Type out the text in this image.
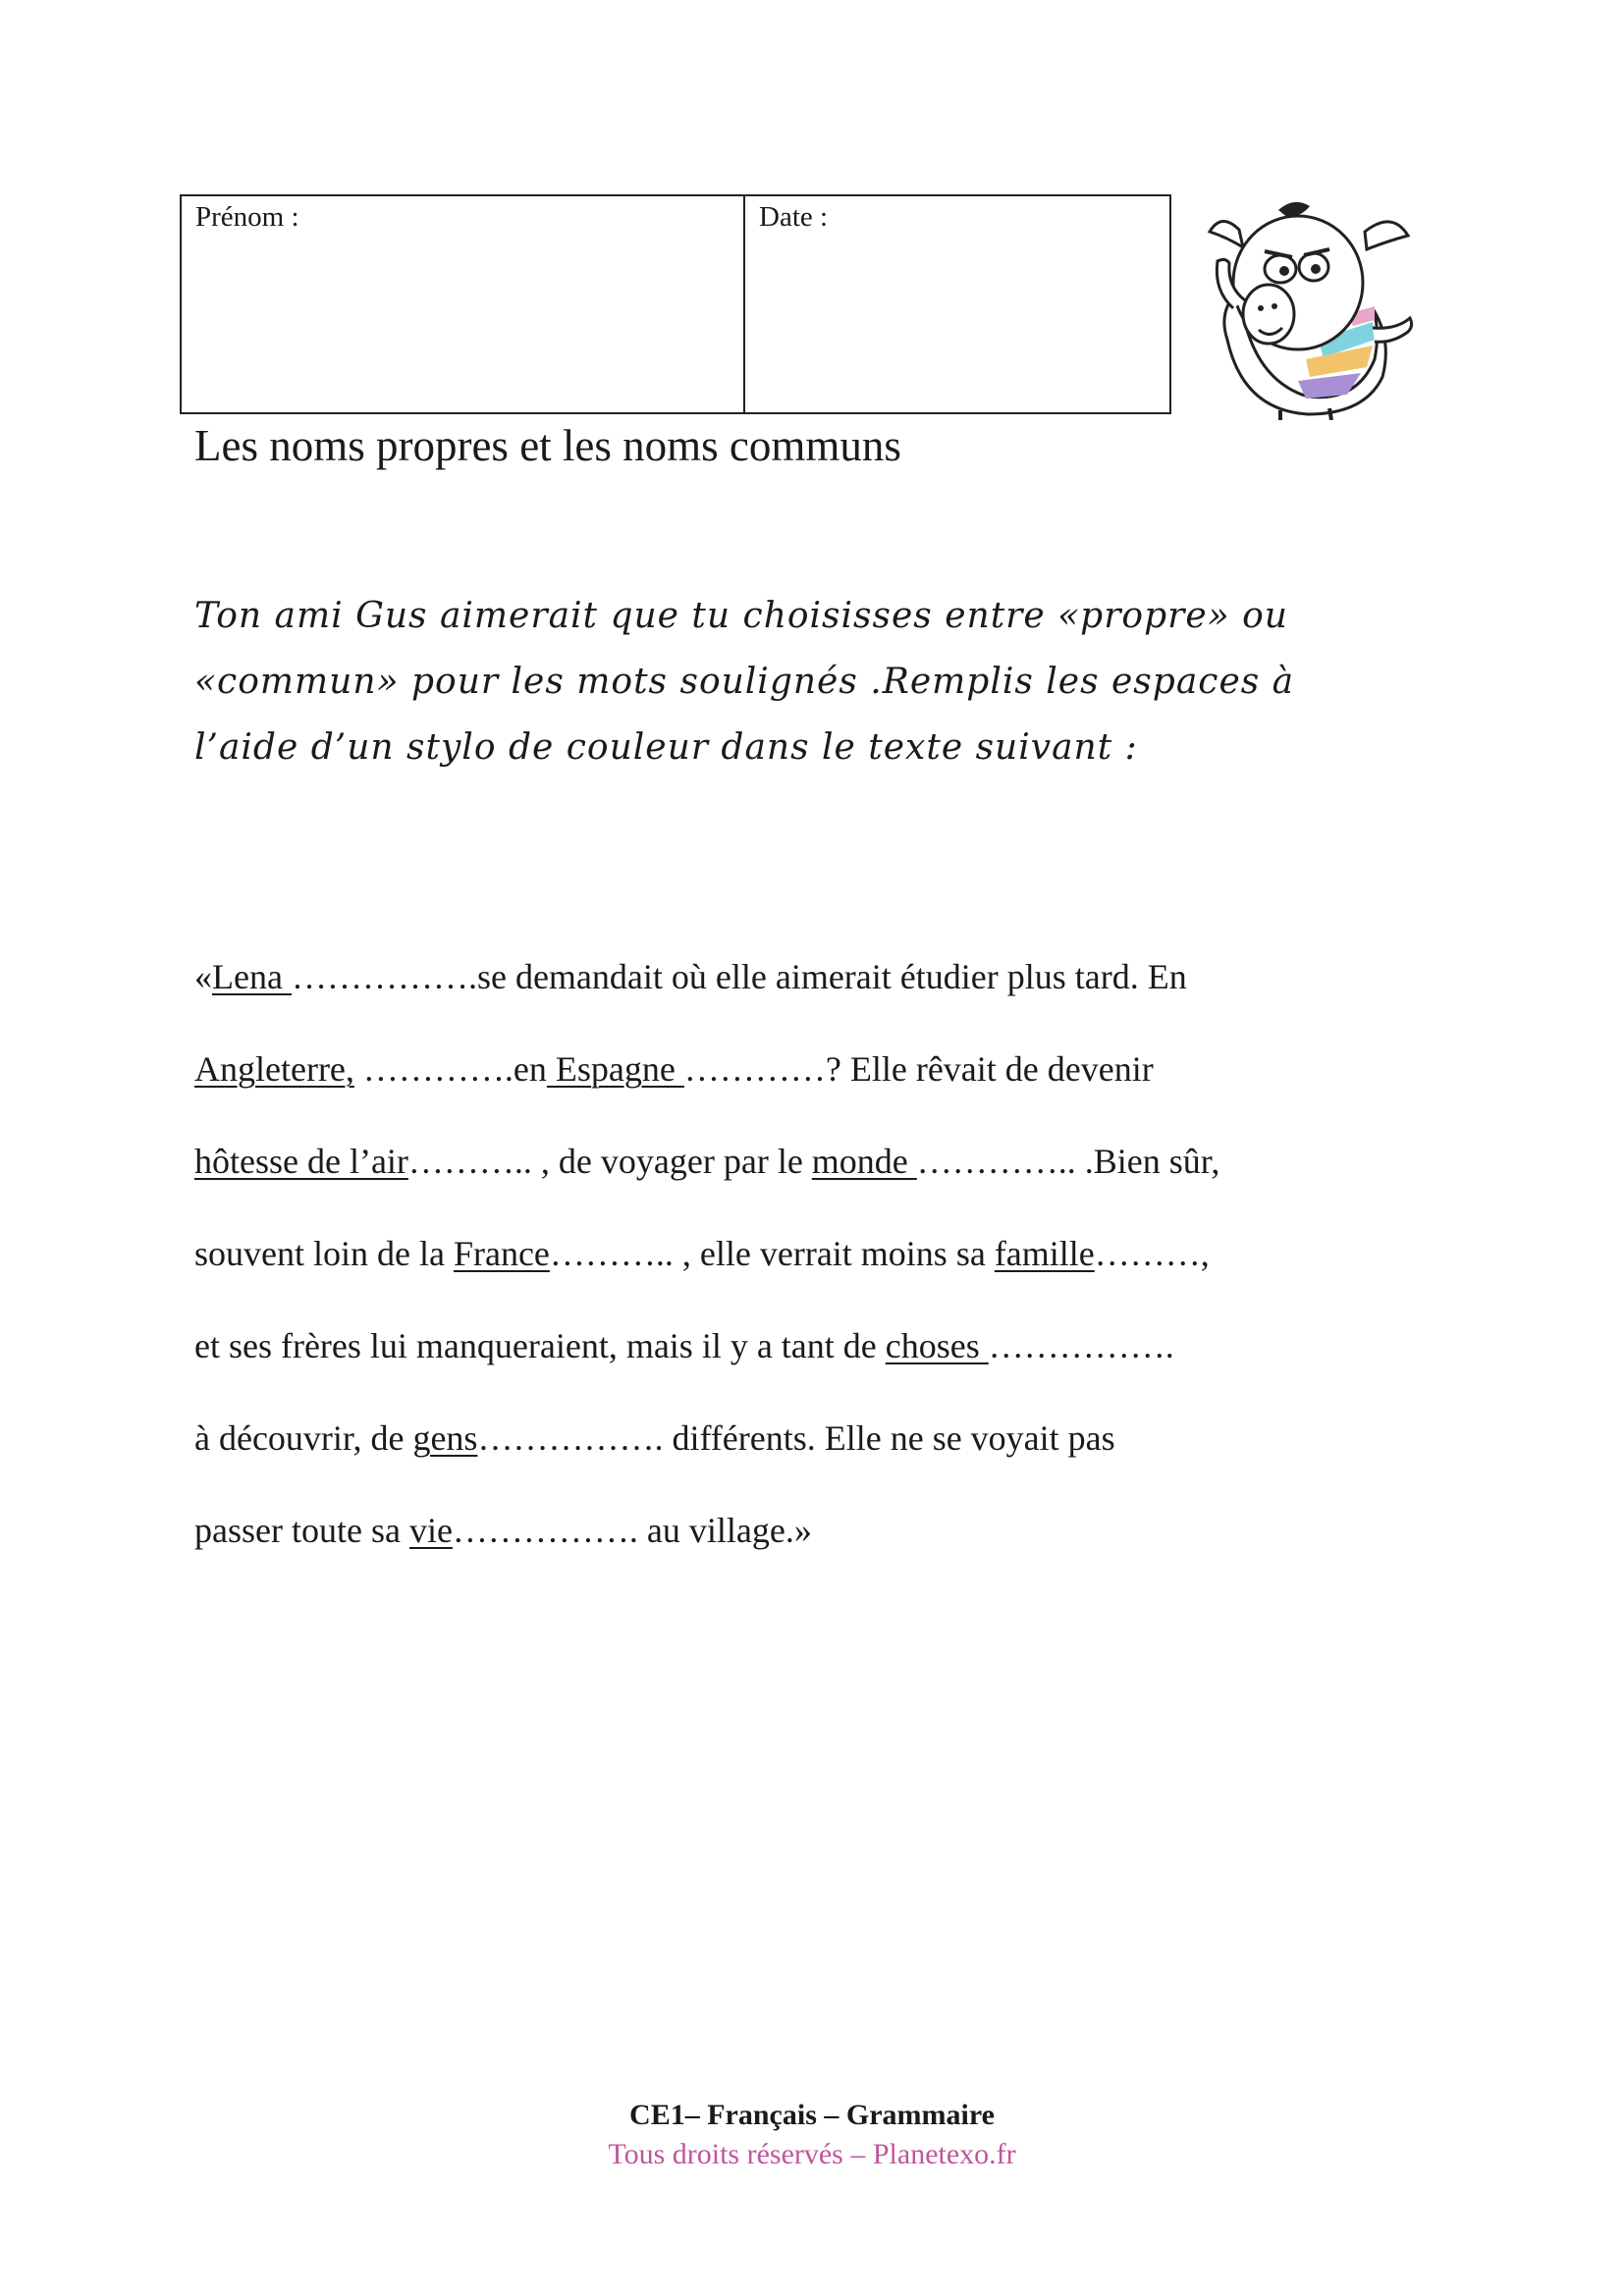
Prénom :	Date :
Les noms propres et les noms communs
Ton ami Gus aimerait que tu choisisses entre «propre» ou
«commun» pour les mots soulignés .Remplis les espaces à
l’aide d’un stylo de couleur dans le texte suivant :
«Lena …………….se demandait où elle aimerait étudier plus tard. En
Angleterre, ………….en Espagne …………? Elle rêvait de devenir
hôtesse de l’air……….. , de voyager par le monde ………….. .Bien sûr,
souvent loin de la France……….. , elle verrait moins sa famille………,
et ses frères lui manqueraient, mais il y a tant de choses …………….
à découvrir, de gens……………. différents. Elle ne se voyait pas
passer toute sa vie……………. au village.»
CE1– Français – Grammaire
Tous droits réservés – Planetexo.fr
